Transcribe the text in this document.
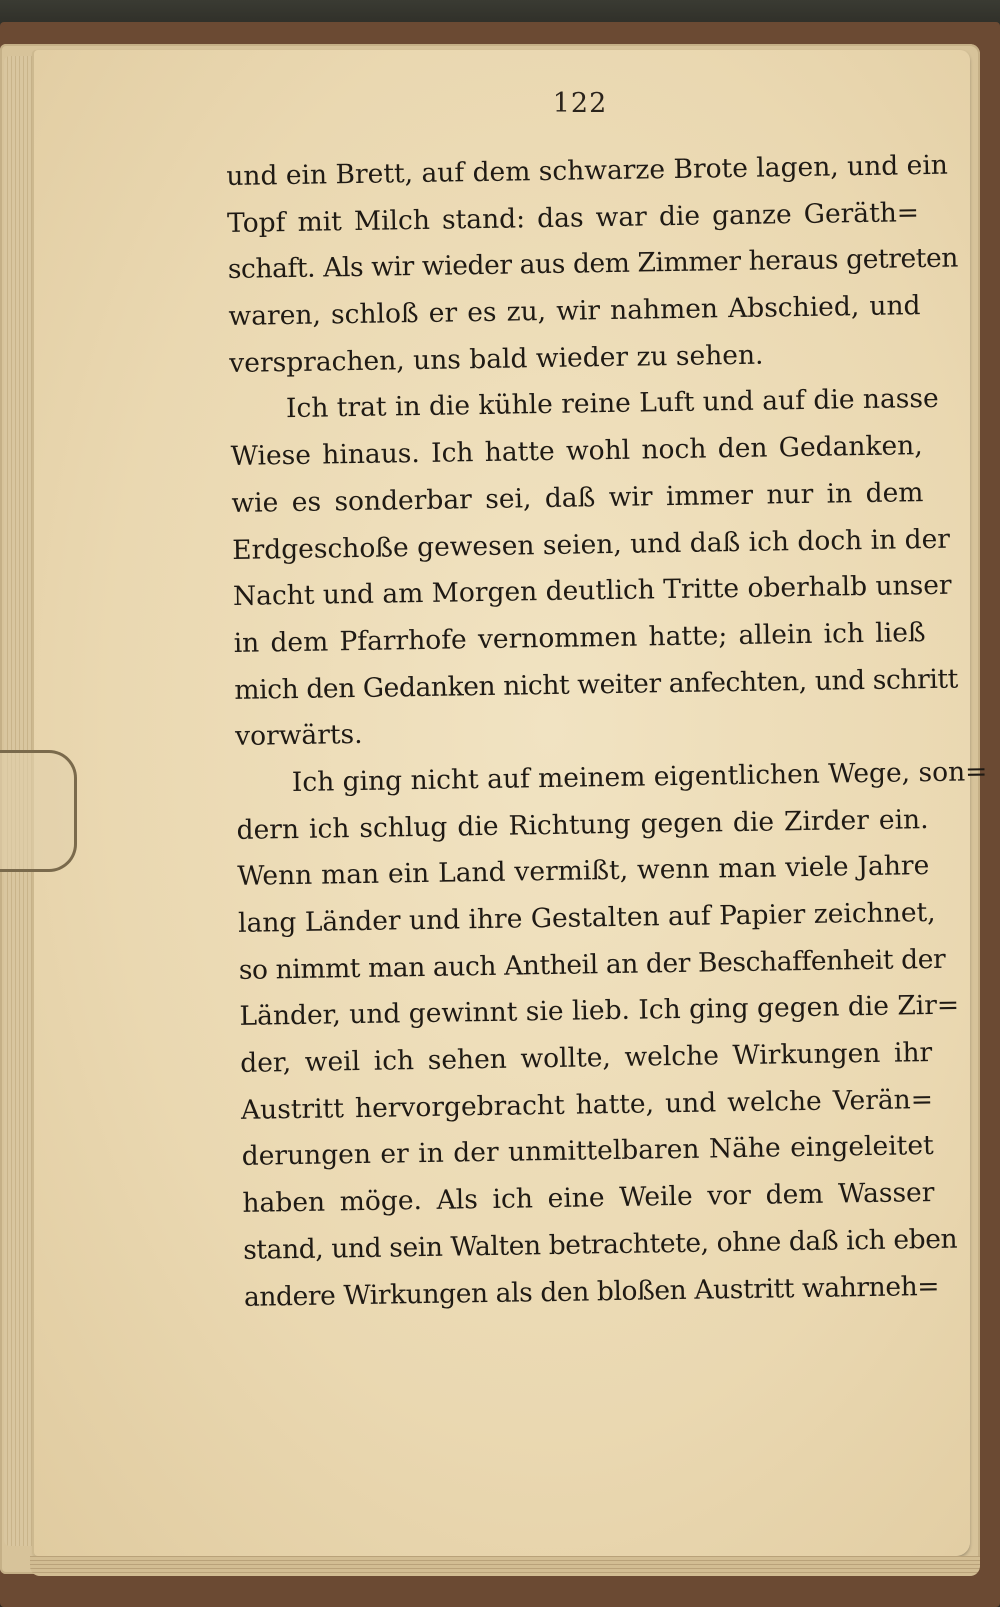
122
und ein Brett, auf dem schwarze Brote lagen, und ein
Topf mit Milch stand: das war die ganze Geräth=
schaft. Als wir wieder aus dem Zimmer heraus getreten
waren, schloß er es zu, wir nahmen Abschied, und
versprachen, uns bald wieder zu sehen.
Ich trat in die kühle reine Luft und auf die nasse
Wiese hinaus. Ich hatte wohl noch den Gedanken,
wie es sonderbar sei, daß wir immer nur in dem
Erdgeschoße gewesen seien, und daß ich doch in der
Nacht und am Morgen deutlich Tritte oberhalb unser
in dem Pfarrhofe vernommen hatte; allein ich ließ
mich den Gedanken nicht weiter anfechten, und schritt
vorwärts.
Ich ging nicht auf meinem eigentlichen Wege, son=
dern ich schlug die Richtung gegen die Zirder ein.
Wenn man ein Land vermißt, wenn man viele Jahre
lang Länder und ihre Gestalten auf Papier zeichnet,
so nimmt man auch Antheil an der Beschaffenheit der
Länder, und gewinnt sie lieb. Ich ging gegen die Zir=
der, weil ich sehen wollte, welche Wirkungen ihr
Austritt hervorgebracht hatte, und welche Verän=
derungen er in der unmittelbaren Nähe eingeleitet
haben möge. Als ich eine Weile vor dem Wasser
stand, und sein Walten betrachtete, ohne daß ich eben
andere Wirkungen als den bloßen Austritt wahrneh=
